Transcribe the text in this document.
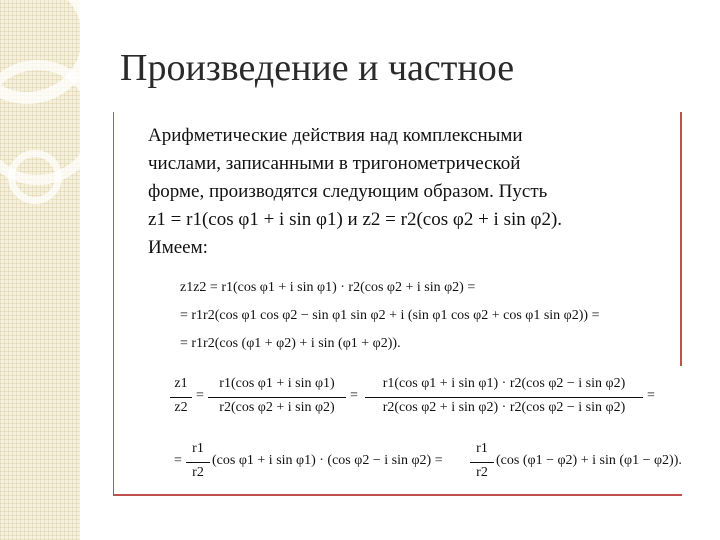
Произведение и частное

Арифметические действия над комплексными

числами, записанными в тригонометрической

форме, производятся следующим образом. Пусть

z1 = r1(cos φ1 + i sin φ1) и z2 = r2(cos φ2 + i sin φ2).

Имеем:

z1z2 = r1(cos φ1 + i sin φ1) · r2(cos φ2 + i sin φ2) =
= r1r2(cos φ1 cos φ2 − sin φ1 sin φ2 + i (sin φ1 cos φ2 + cos φ1 sin φ2)) =
= r1r2(cos (φ1 + φ2) + i sin (φ1 + φ2)).
z1
z2
=
r1(cos φ1 + i sin φ1)
r2(cos φ2 + i sin φ2)
=
r1(cos φ1 + i sin φ1) · r2(cos φ2 − i sin φ2)
r2(cos φ2 + i sin φ2) · r2(cos φ2 − i sin φ2)
=
=
r1
r2
(cos φ1 + i sin φ1) · (cos φ2 − i sin φ2) =
r1
r2
(cos (φ1 − φ2) + i sin (φ1 − φ2)).
